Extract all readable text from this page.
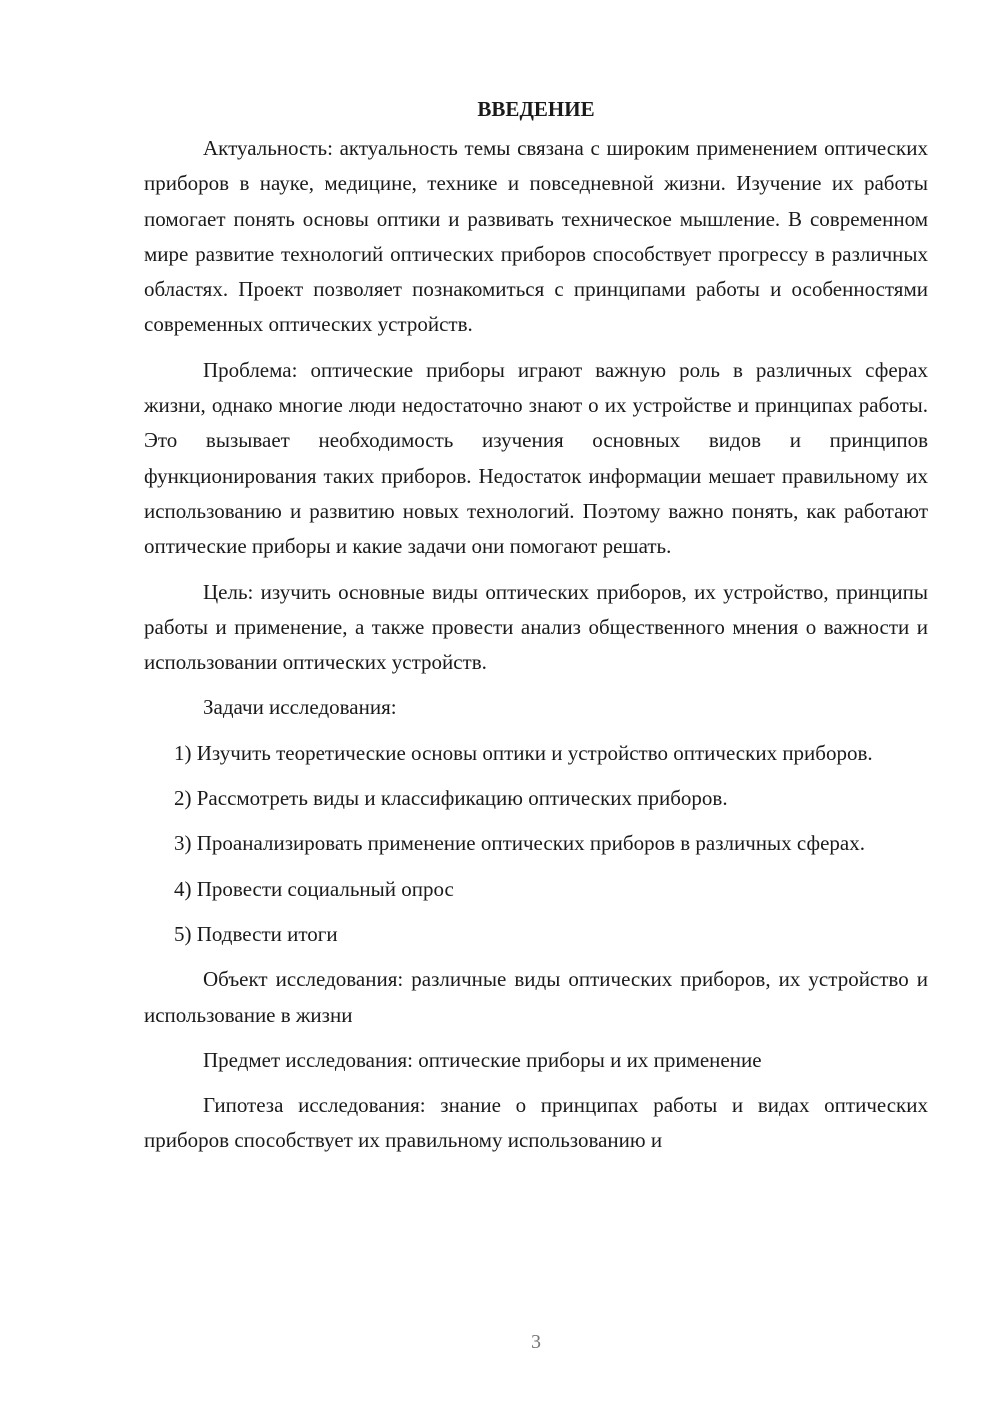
ВВЕДЕНИЕ

Актуальность: актуальность темы связана с широким применением оптических приборов в науке, медицине, технике и повседневной жизни. Изучение их работы помогает понять основы оптики и развивать техническое мышление. В современном мире развитие технологий оптических приборов способствует прогрессу в различных областях. Проект позволяет познакомиться с принципами работы и особенностями современных оптических устройств.

Проблема: оптические приборы играют важную роль в различных сферах жизни, однако многие люди недостаточно знают о их устройстве и принципах работы. Это вызывает необходимость изучения основных видов и принципов функционирования таких приборов. Недостаток информации мешает правильному их использованию и развитию новых технологий. Поэтому важно понять, как работают оптические приборы и какие задачи они помогают решать.

Цель: изучить основные виды оптических приборов, их устройство, принципы работы и применение, а также провести анализ общественного мнения о важности и использовании оптических устройств.

Задачи исследования:

1) Изучить теоретические основы оптики и устройство оптических приборов.

2) Рассмотреть виды и классификацию оптических приборов.

3) Проанализировать применение оптических приборов в различных сферах.

4) Провести социальный опрос

5) Подвести итоги

Объект исследования: различные виды оптических приборов, их устройство и использование в жизни

Предмет исследования: оптические приборы и их применение

Гипотеза исследования: знание о принципах работы и видах оптических приборов способствует их правильному использованию и

3
